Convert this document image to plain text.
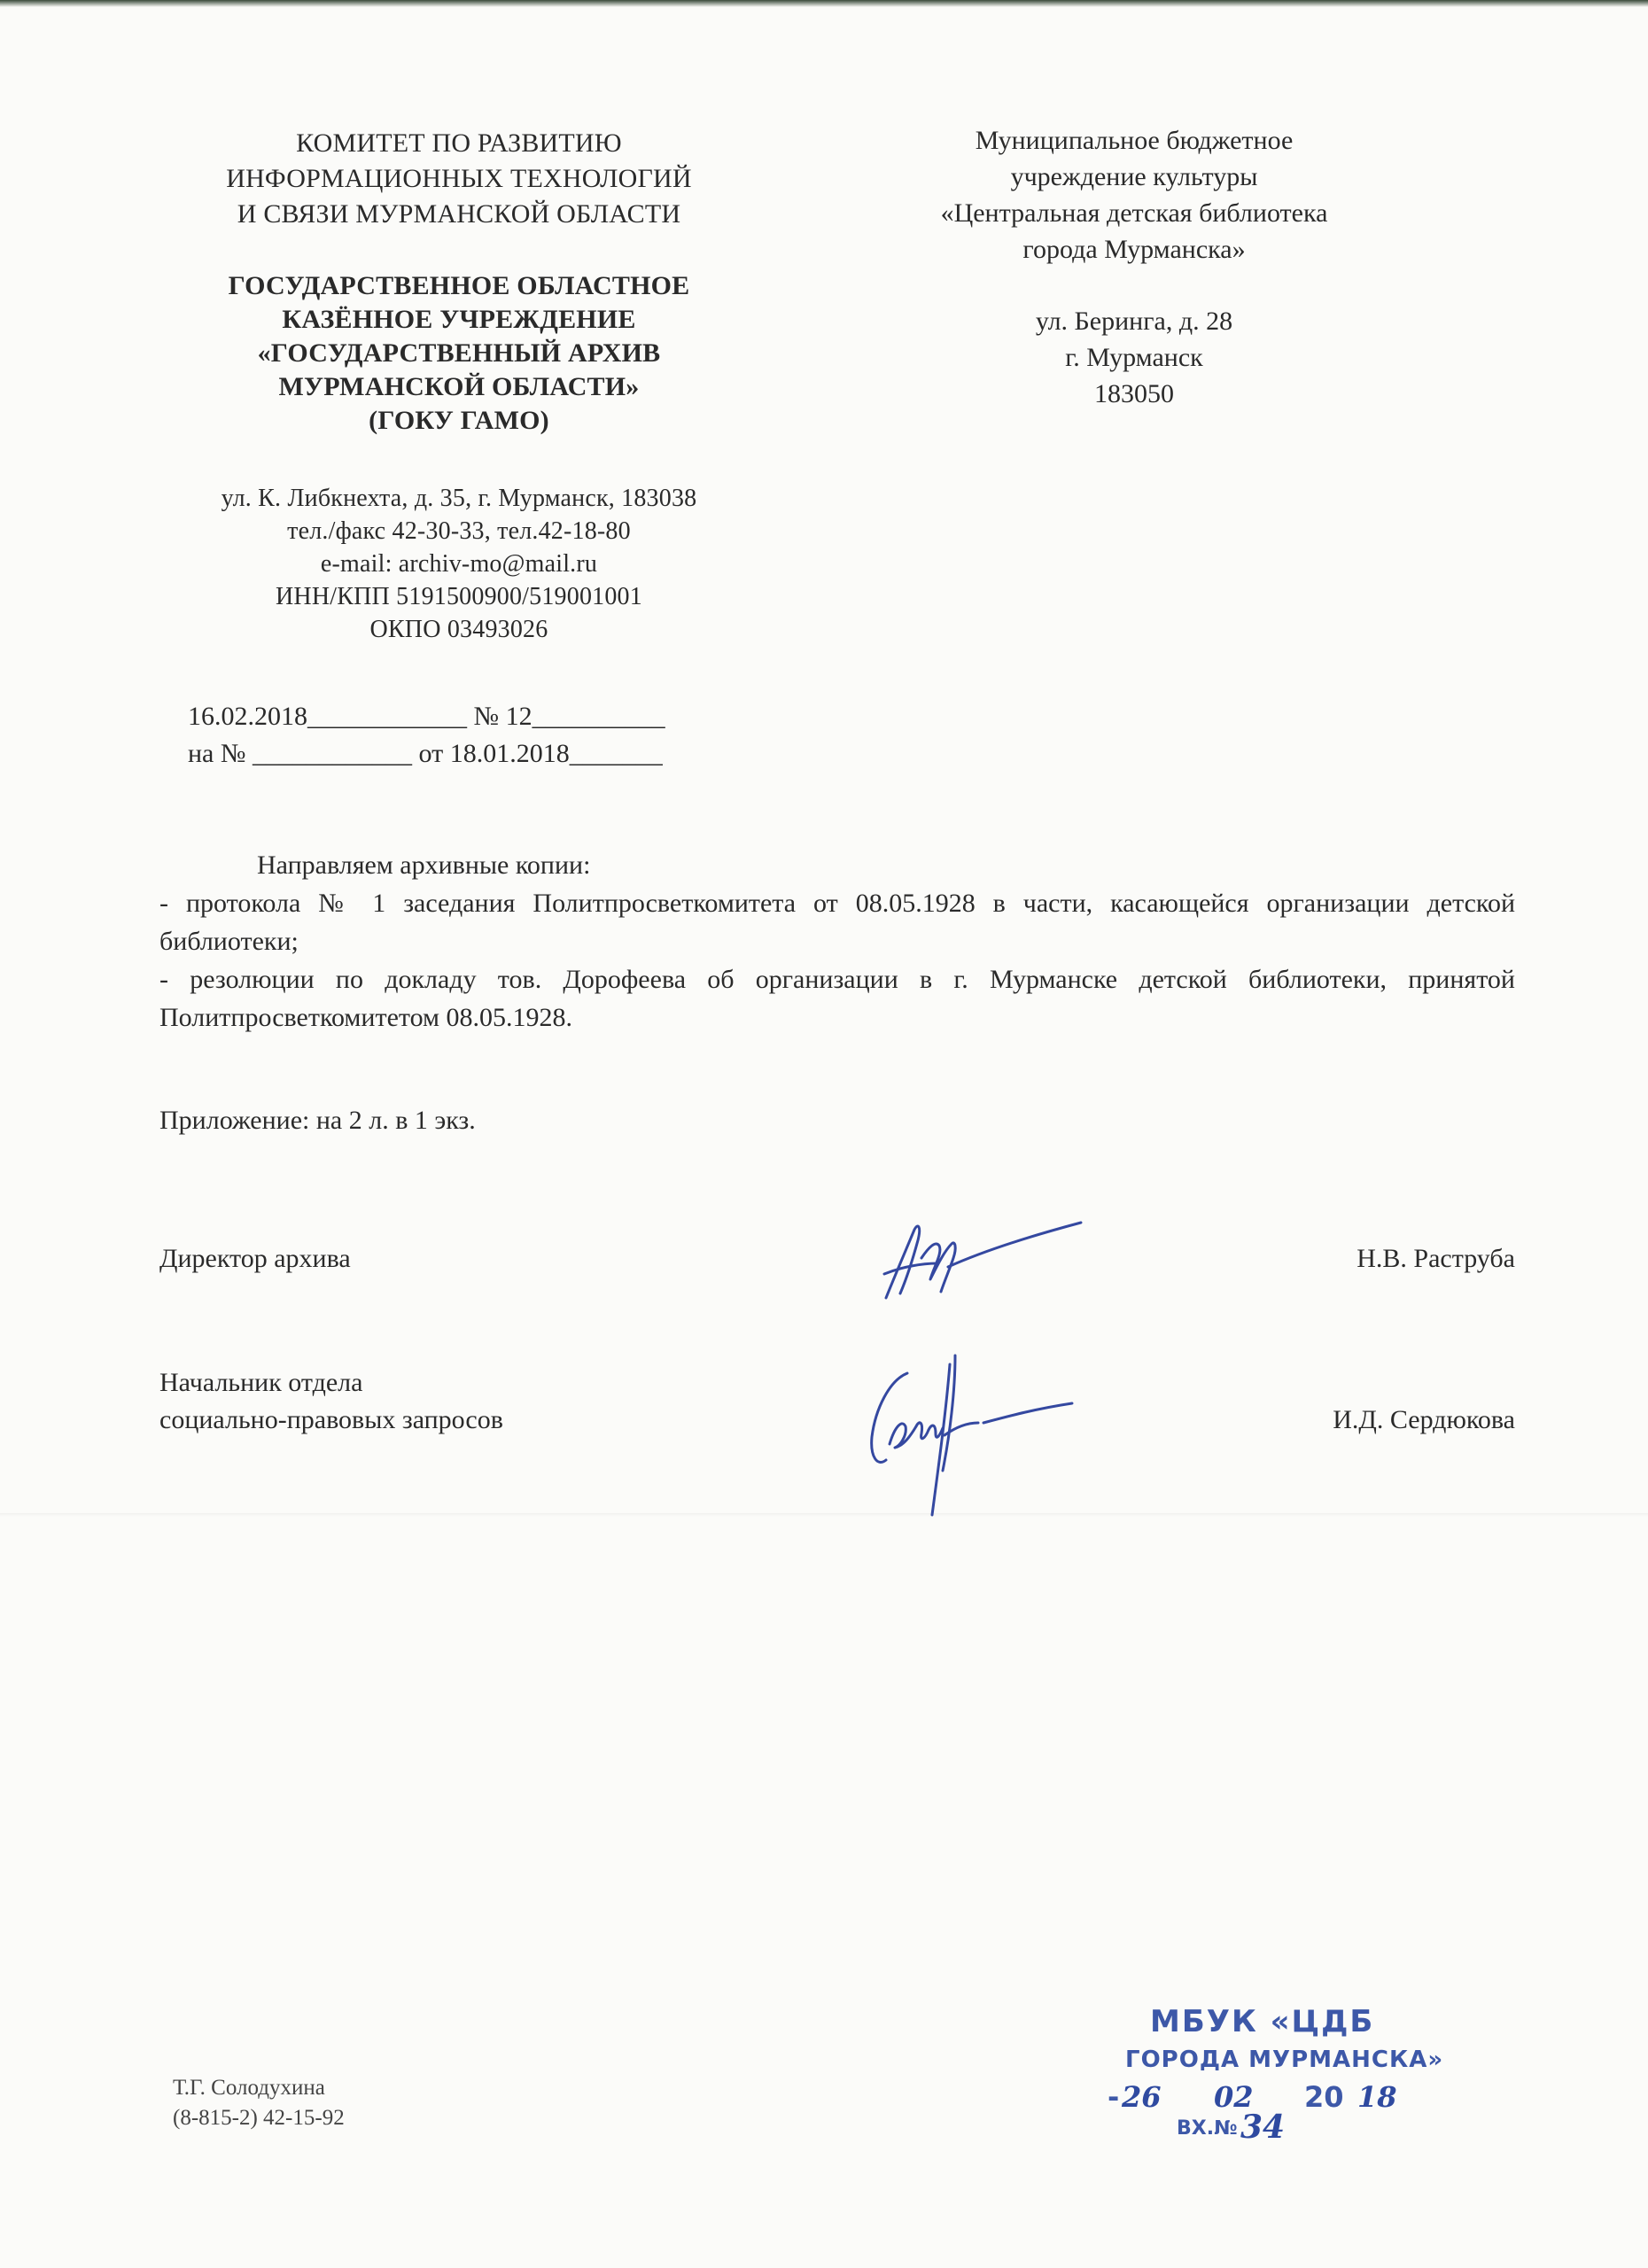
КОМИТЕТ ПО РАЗВИТИЮ
ИНФОРМАЦИОННЫХ ТЕХНОЛОГИЙ
И СВЯЗИ МУРМАНСКОЙ ОБЛАСТИ
ГОСУДАРСТВЕННОЕ ОБЛАСТНОЕ
КАЗЁННОЕ УЧРЕЖДЕНИЕ
«ГОСУДАРСТВЕННЫЙ АРХИВ
МУРМАНСКОЙ ОБЛАСТИ»
(ГОКУ ГАМО)
ул. К. Либкнехта, д. 35, г. Мурманск, 183038
тел./факс 42-30-33, тел.42-18-80
e-mail: archiv-mo@mail.ru
ИНН/КПП 5191500900/519001001
ОКПО 03493026
16.02.2018____________ № 12__________
на № ____________ от 18.01.2018_______
Муниципальное бюджетное
учреждение культуры
«Центральная детская библиотека
города Мурманска»
ул. Беринга, д. 28
г. Мурманск
183050
Направляем архивные копии:
- протокола № 1 заседания Политпросветкомитета от 08.05.1928 в части, касающейся организации детской библиотеки;
- резолюции по докладу тов. Дорофеева об организации в г. Мурманске детской библиотеки, принятой Политпросветкомитетом 08.05.1928.
Приложение: на 2 л. в 1 экз.
Директор архива	Н.В. Раструба
Начальник отдела
социально-правовых запросов	И.Д. Сердюкова
Т.Г. Солодухина
(8-815-2) 42-15-92
МБУК «ЦДБ
ГОРОДА МУРМАНСКА»
- 26 02 20 18
ВХ.№ 34
